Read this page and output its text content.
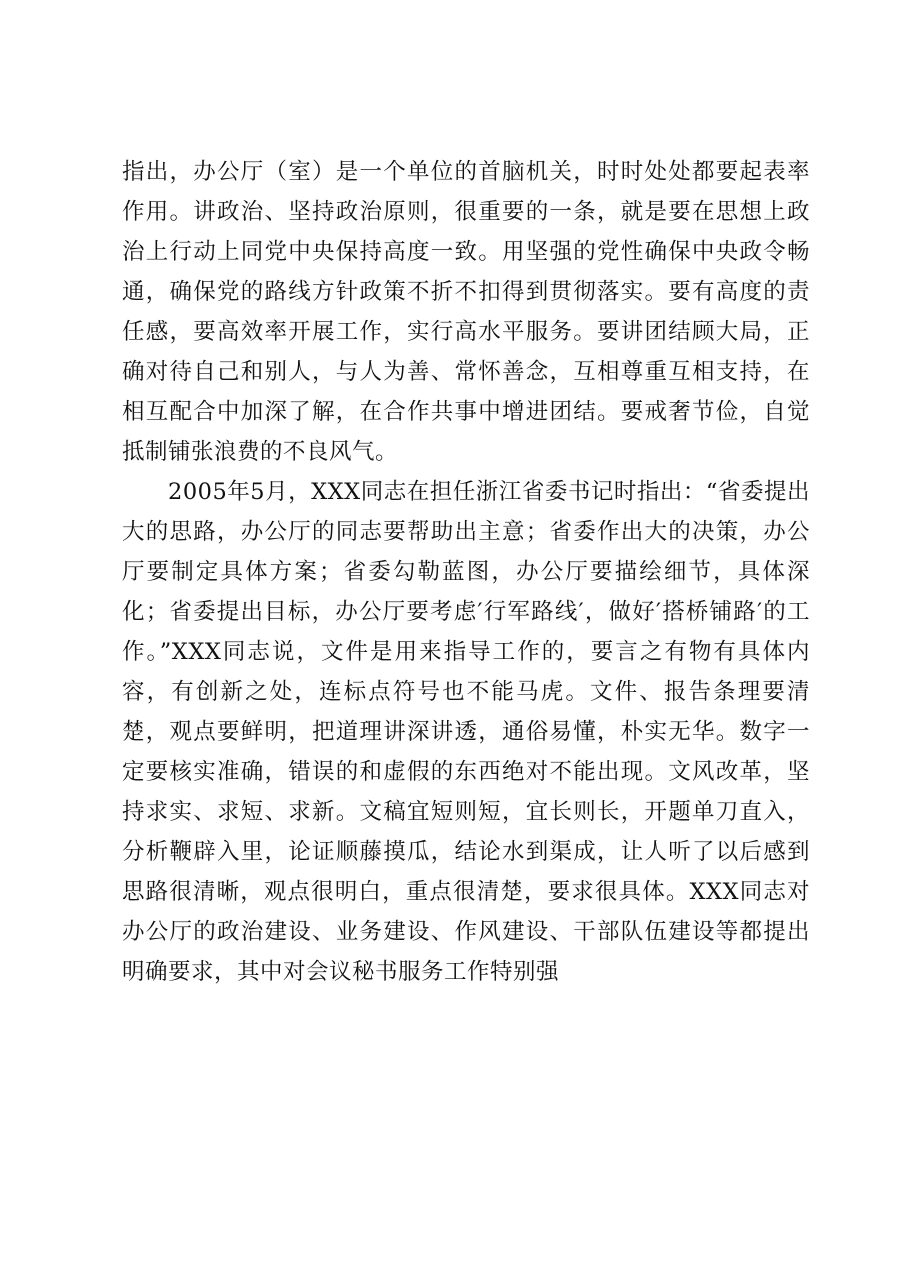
指出，办公厅（室）是一个单位的首脑机关，时时处处都要起表率作用。讲政治、坚持政治原则，很重要的一条，就是要在思想上政治上行动上同党中央保持高度一致。用坚强的党性确保中央政令畅通，确保党的路线方针政策不折不扣得到贯彻落实。要有高度的责任感，要高效率开展工作，实行高水平服务。要讲团结顾大局，正确对待自己和别人，与人为善、常怀善念，互相尊重互相支持，在相互配合中加深了解，在合作共事中增进团结。要戒奢节俭，自觉抵制铺张浪费的不良风气。

2005年5月，XXX同志在担任浙江省委书记时指出：“省委提出大的思路，办公厅的同志要帮助出主意；省委作出大的决策，办公厅要制定具体方案；省委勾勒蓝图，办公厅要描绘细节，具体深化；省委提出目标，办公厅要考虑′行军路线′，做好′搭桥铺路′的工作。”XXX同志说，文件是用来指导工作的，要言之有物有具体内容，有创新之处，连标点符号也不能马虎。文件、报告条理要清楚，观点要鲜明，把道理讲深讲透，通俗易懂，朴实无华。数字一定要核实准确，错误的和虚假的东西绝对不能出现。文风改革，坚持求实、求短、求新。文稿宜短则短，宜长则长，开题单刀直入，分析鞭辟入里，论证顺藤摸瓜，结论水到渠成，让人听了以后感到思路很清晰，观点很明白，重点很清楚，要求很具体。XXX同志对办公厅的政治建设、业务建设、作风建设、干部队伍建设等都提出明确要求，其中对会议秘书服务工作特别强
